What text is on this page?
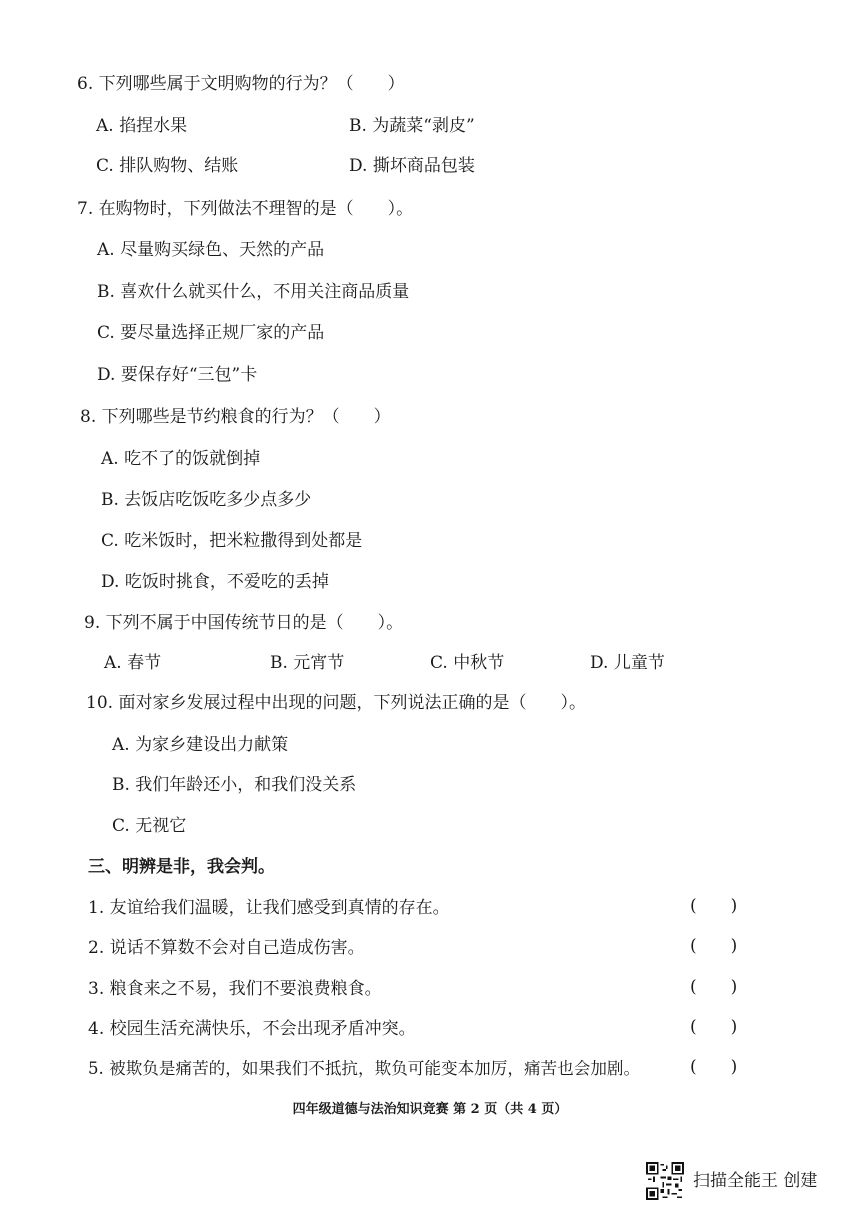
6. 下列哪些属于文明购物的行为？（　　）
A. 掐捏水果	B. 为蔬菜“剥皮”
C. 排队购物、结账	D. 撕坏商品包装
7. 在购物时，下列做法不理智的是（　　）。
A. 尽量购买绿色、天然的产品
B. 喜欢什么就买什么，不用关注商品质量
C. 要尽量选择正规厂家的产品
D. 要保存好“三包”卡
8. 下列哪些是节约粮食的行为？（　　）
A. 吃不了的饭就倒掉
B. 去饭店吃饭吃多少点多少
C. 吃米饭时，把米粒撒得到处都是
D. 吃饭时挑食，不爱吃的丢掉
9. 下列不属于中国传统节日的是（　　）。
A. 春节	B. 元宵节	C. 中秋节	D. 儿童节
10. 面对家乡发展过程中出现的问题，下列说法正确的是（　　）。
A. 为家乡建设出力献策
B. 我们年龄还小，和我们没关系
C. 无视它
三、明辨是非，我会判。
1. 友谊给我们温暖，让我们感受到真情的存在。	(　　)
2. 说话不算数不会对自己造成伤害。	(　　)
3. 粮食来之不易，我们不要浪费粮食。	(　　)
4. 校园生活充满快乐，不会出现矛盾冲突。	(　　)
5. 被欺负是痛苦的，如果我们不抵抗，欺负可能变本加厉，痛苦也会加剧。	(　　)
四年级道德与法治知识竞赛 第 2 页（共 4 页）
扫描全能王 创建
